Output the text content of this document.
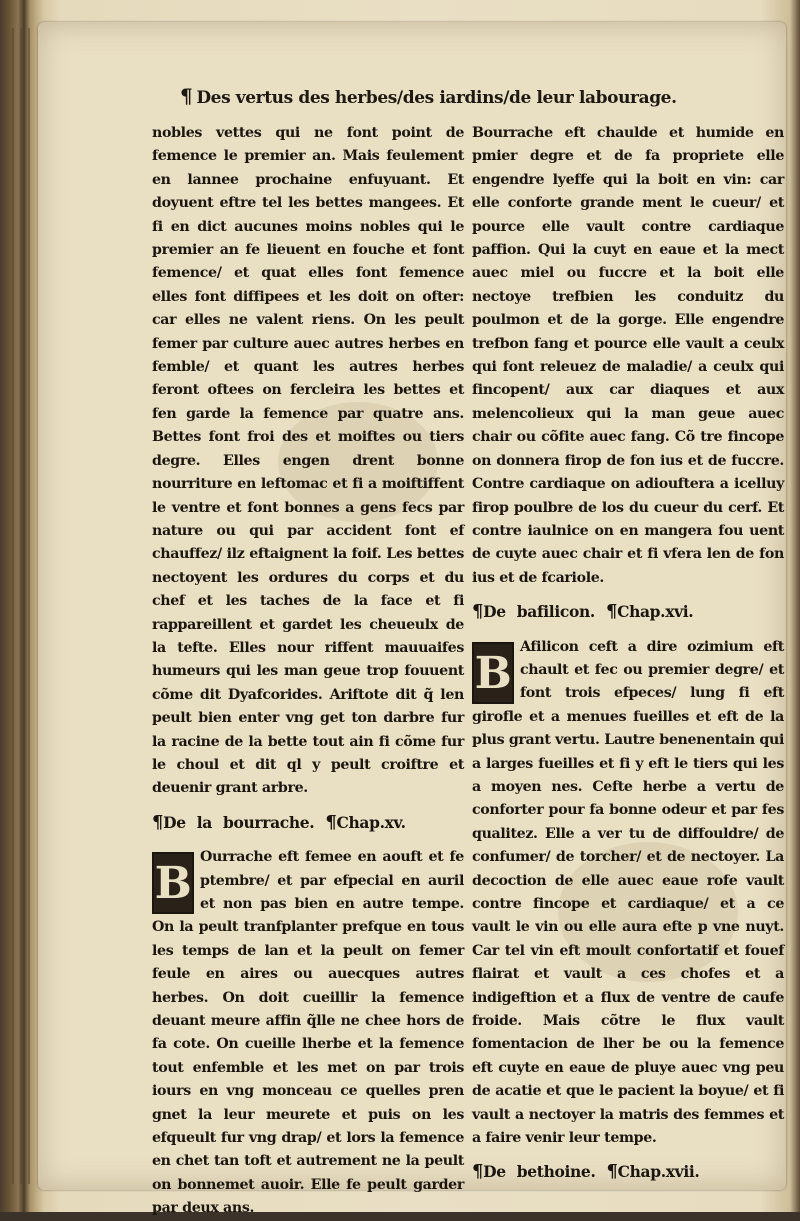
¶ Des vertus des herbes/des iardins/de leur labourage.

nobles vettes qui ne font point de femence le premier an. Mais feulement en lannee prochaine enfuyuant. Et doyuent eftre tel les bettes mangees. Et fi en dict aucunes moins nobles qui le premier an fe lieuent en fouche et font femence/ et quat elles font femence elles font diffipees et les doit on ofter: car elles ne valent riens. On les peult femer par culture auec autres herbes en femble/ et quant les autres herbes feront oftees on fercleira les bettes et fen garde la femence par quatre ans. Bettes font froi des et moiftes ou tiers degre. Elles engen drent bonne nourriture en leftomac et fi a moiftiffent le ventre et font bonnes a gens fecs par nature ou qui par accident font ef chauffez/ ilz eftaignent la foif. Les bettes nectoyent les ordures du corps et du chef et les taches de la face et fi rappareillent et gardet les cheueulx de la tefte. Elles nour riffent mauuaifes humeurs qui les man geue trop fouuent cõme dit Dyafcorides. Ariftote dit q̃ len peult bien enter vng get ton darbre fur la racine de la bette tout ain fi cõme fur le choul et dit ql y peult croiftre et deuenir grant arbre.

¶De la bourrache. ¶Chap.xv.

B
Ourrache eft femee en aouft et fe ptembre/ et par efpecial en auril et non pas bien en autre tempe. On la peult tranfplanter prefque en tous les temps de lan et la peult on femer feule en aires ou auecques autres herbes. On doit cueillir la femence deuant meure affin q̃lle ne chee hors de fa cote. On cueille lherbe et la femence tout enfemble et les met on par trois iours en vng monceau ce quelles pren gnet la leur meurete et puis on les efqueult fur vng drap/ et lors la femence en chet tan toft et autrement ne la peult on bonnemet auoir. Elle fe peult garder par deux ans.

Bourrache eft chaulde et humide en pmier degre et de fa propriete elle engendre lyeffe qui la boit en vin: car elle conforte grande ment le cueur/ et pource elle vault contre cardiaque paffion. Qui la cuyt en eaue et la mect auec miel ou fuccre et la boit elle nectoye trefbien les conduitz du poulmon et de la gorge. Elle engendre trefbon fang et pource elle vault a ceulx qui font releuez de maladie/ a ceulx qui fincopent/ aux car diaques et aux melencolieux qui la man geue auec chair ou cõfite auec fang. Cõ tre fincope on donnera firop de fon ius et de fuccre. Contre cardiaque on adiouftera a icelluy firop poulbre de los du cueur du cerf. Et contre iaulnice on en mangera fou uent de cuyte auec chair et fi vfera len de fon ius et de fcariole.

¶De bafilicon. ¶Chap.xvi.

B
Afilicon ceft a dire ozimium eft chault et fec ou premier degre/ et font trois efpeces/ lung fi eft girofle et a menues fueilles et eft de la plus grant vertu. Lautre benenentain qui a larges fueilles et fi y eft le tiers qui les a moyen nes. Cefte herbe a vertu de conforter pour fa bonne odeur et par fes qualitez. Elle a ver tu de diffouldre/ de confumer/ de torcher/ et de nectoyer. La decoction de elle auec eaue rofe vault contre fincope et cardiaque/ et a ce vault le vin ou elle aura efte p vne nuyt. Car tel vin eft moult confortatif et fouef flairat et vault a ces chofes et a indigeftion et a flux de ventre de caufe froide. Mais cõtre le flux vault fomentacion de lher be ou la femence eft cuyte en eaue de pluye auec vng peu de acatie et que le pacient la boyue/ et fi vault a nectoyer la matris des femmes et a faire venir leur tempe.

¶De bethoine. ¶Chap.xvii.
